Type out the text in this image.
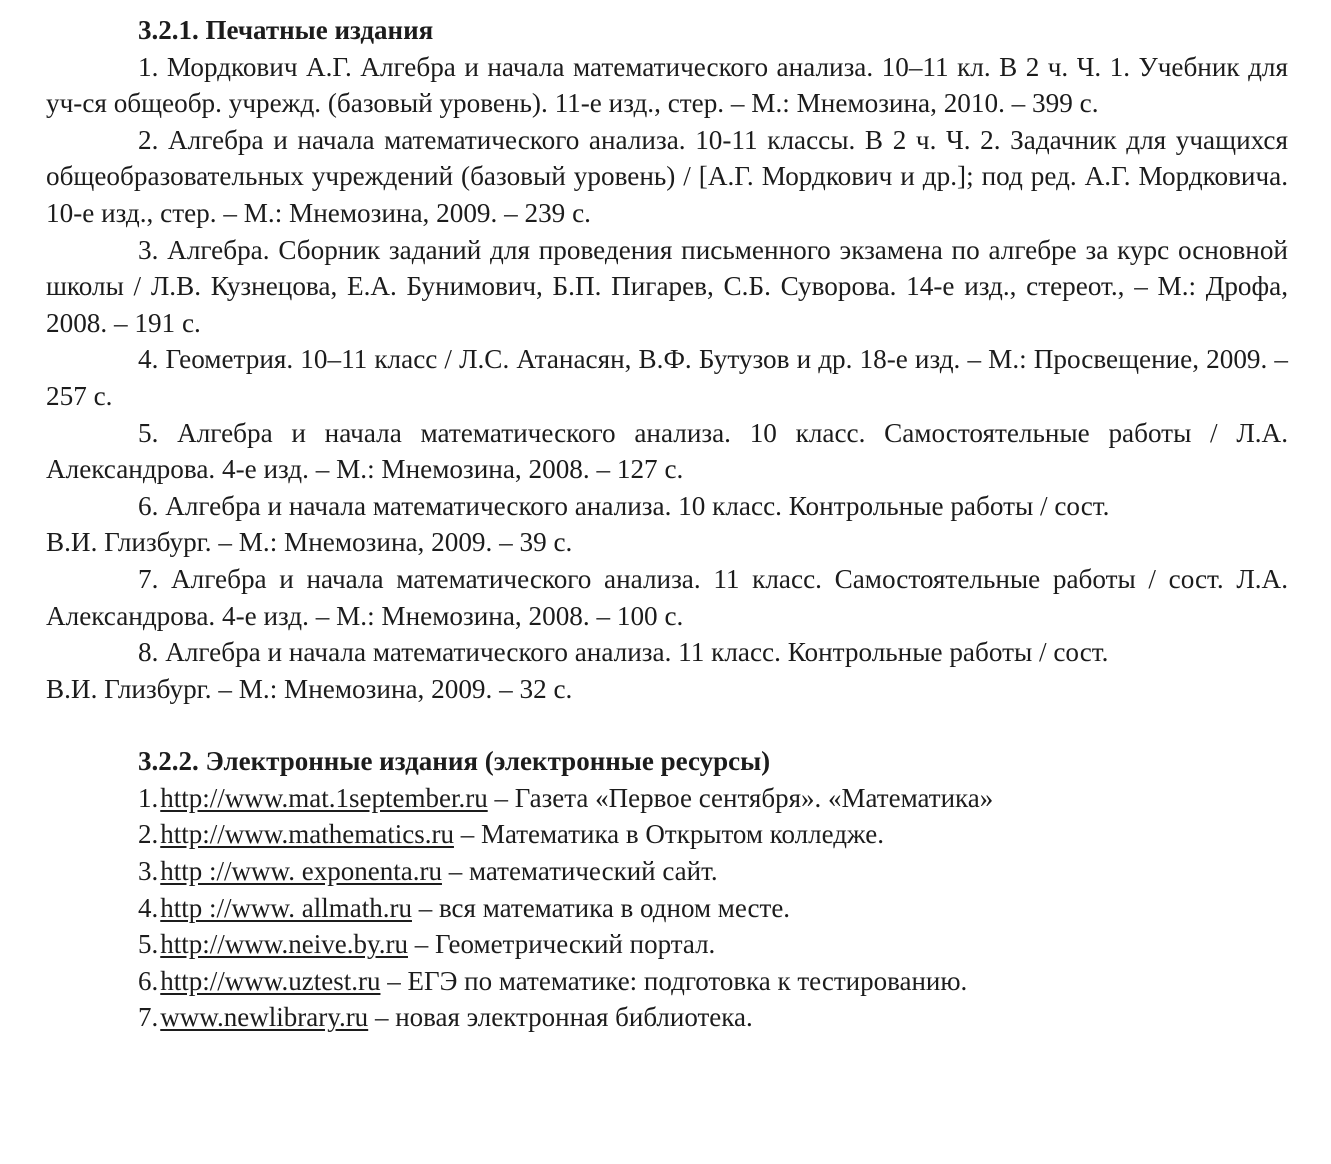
3.2.1. Печатные издания

1. Мордкович А.Г. Алгебра и начала математического анализа. 10–11 кл. В 2 ч. Ч. 1. Учебник для уч-ся общеобр. учрежд. (базовый уровень). 11-е изд., стер. – М.: Мнемозина, 2010. – 399 с.

2. Алгебра и начала математического анализа. 10-11 классы. В 2 ч. Ч. 2. Задачник для учащихся общеобразовательных учреждений (базовый уровень) / [А.Г. Мордкович и др.]; под ред. А.Г. Мордковича. 10-е изд., стер. – М.: Мнемозина, 2009. – 239 с.

3. Алгебра. Сборник заданий для проведения письменного экзамена по алгебре за курс основной школы / Л.В. Кузнецова, Е.А. Бунимович, Б.П. Пигарев, С.Б. Суворова. 14-е изд., стереот., – М.: Дрофа, 2008. – 191 с.

4. Геометрия. 10–11 класс / Л.С. Атанасян, В.Ф. Бутузов и др. 18-е изд. – М.: Просвещение, 2009. – 257 с.

5. Алгебра и начала математического анализа. 10 класс. Самостоятельные работы / Л.А. Александрова. 4-е изд. – М.: Мнемозина, 2008. – 127 с.

6. Алгебра и начала математического анализа. 10 класс. Контрольные работы / сост.

В.И. Глизбург. – М.: Мнемозина, 2009. – 39 с.

7. Алгебра и начала математического анализа. 11 класс. Самостоятельные работы / сост. Л.А. Александрова. 4-е изд. – М.: Мнемозина, 2008. – 100 с.

8. Алгебра и начала математического анализа. 11 класс. Контрольные работы / сост.

В.И. Глизбург. – М.: Мнемозина, 2009. – 32 с.

3.2.2. Электронные издания (электронные ресурсы)
1.http://www.mat.1september.ru – Газета «Первое сентября». «Математика»
2.http://www.mathematics.ru – Математика в Открытом колледже.
3.http ://www. exponenta.ru – математический сайт.
4.http ://www. allmath.ru – вся математика в одном месте.
5.http://www.neive.by.ru – Геометрический портал.
6.http://www.uztest.ru – ЕГЭ по математике: подготовка к тестированию.
7.www.newlibrary.ru – новая электронная библиотека.
